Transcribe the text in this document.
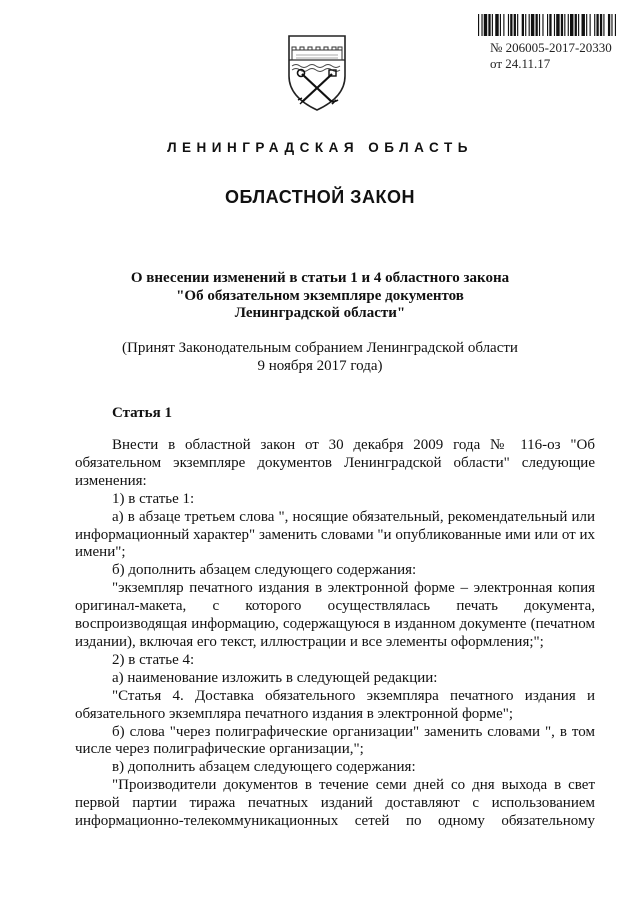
№ 206005-2017-20330
от 24.11.17
ЛЕНИНГРАДСКАЯ ОБЛАСТЬ
ОБЛАСТНОЙ ЗАКОН
О внесении изменений в статьи 1 и 4 областного закона
"Об обязательном экземпляре документов
Ленинградской области"
(Принят Законодательным собранием Ленинградской области
9 ноября 2017 года)
Статья 1

Внести в областной закон от 30 декабря 2009 года № 116-оз "Об обязательном экземпляре документов Ленинградской области" следующие изменения:

1) в статье 1:

а) в абзаце третьем слова ", носящие обязательный, рекомендательный или информационный характер" заменить словами "и опубликованные ими или от их имени";

б) дополнить абзацем следующего содержания:

"экземпляр печатного издания в электронной форме – электронная копия оригинал-макета, с которого осуществлялась печать документа, воспроизводящая информацию, содержащуюся в изданном документе (печатном издании), включая его текст, иллюстрации и все элементы оформления;";

2) в статье 4:

а) наименование изложить в следующей редакции:

"Статья 4. Доставка обязательного экземпляра печатного издания и обязательного экземпляра печатного издания в электронной форме";

б) слова "через полиграфические организации" заменить словами ", в том числе через полиграфические организации,";

в) дополнить абзацем следующего содержания:

"Производители документов в течение семи дней со дня выхода в свет первой партии тиража печатных изданий доставляют с использованием информационно-телекоммуникационных сетей по одному обязательному
